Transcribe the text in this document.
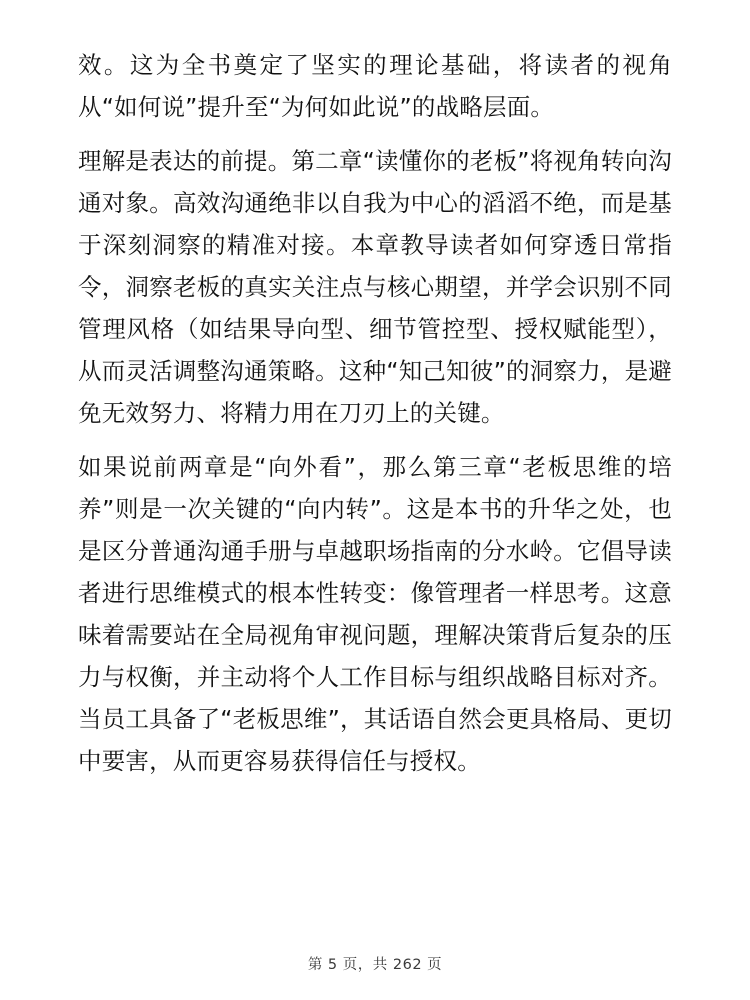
效。这为全书奠定了坚实的理论基础，将读者的视角从“如何说”提升至“为何如此说”的战略层面。

理解是表达的前提。第二章“读懂你的老板”将视角转向沟通对象。高效沟通绝非以自我为中心的滔滔不绝，而是基于深刻洞察的精准对接。本章教导读者如何穿透日常指令，洞察老板的真实关注点与核心期望，并学会识别不同管理风格（如结果导向型、细节管控型、授权赋能型），从而灵活调整沟通策略。这种“知己知彼”的洞察力，是避免无效努力、将精力用在刀刃上的关键。

如果说前两章是“向外看”，那么第三章“老板思维的培养”则是一次关键的“向内转”。这是本书的升华之处，也是区分普通沟通手册与卓越职场指南的分水岭。它倡导读者进行思维模式的根本性转变：像管理者一样思考。这意味着需要站在全局视角审视问题，理解决策背后复杂的压力与权衡，并主动将个人工作目标与组织战略目标对齐。当员工具备了“老板思维”，其话语自然会更具格局、更切中要害，从而更容易获得信任与授权。

第 5 页，共 262 页
